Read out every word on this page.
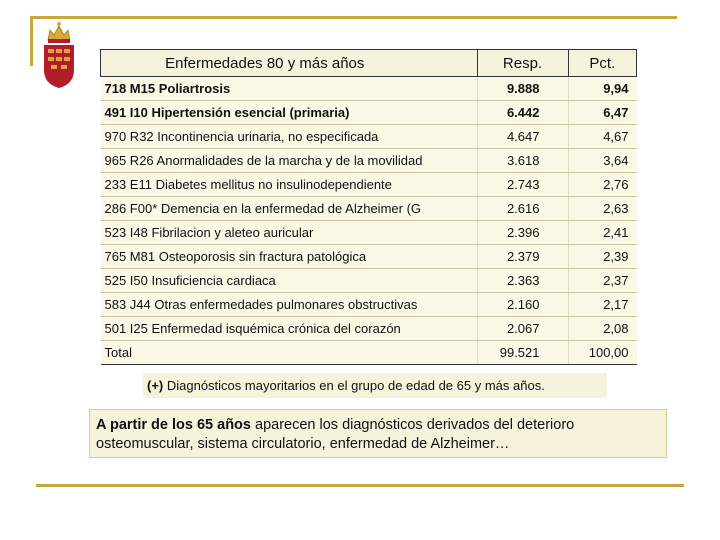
Enfermedades 80 y más años	Resp.	Pct.
718 M15 Poliartrosis	9.888	9,94
491 I10 Hipertensión esencial (primaria)	6.442	6,47
970 R32 Incontinencia urinaria, no especificada	4.647	4,67
965 R26 Anormalidades de la marcha y de la movilidad	3.618	3,64
233 E11 Diabetes mellitus no insulinodependiente	2.743	2,76
286 F00* Demencia en la enfermedad de Alzheimer (G	2.616	2,63
523 I48 Fibrilacion y aleteo auricular	2.396	2,41
765 M81 Osteoporosis sin fractura patológica	2.379	2,39
525 I50 Insuficiencia cardiaca	2.363	2,37
583 J44 Otras enfermedades pulmonares obstructivas	2.160	2,17
501 I25 Enfermedad isquémica crónica del corazón	2.067	2,08
Total	99.521	100,00
(+) Diagnósticos mayoritarios en el grupo de edad de 65 y más años.
A partir de los 65 años aparecen los diagnósticos derivados del deterioro osteomuscular, sistema circulatorio, enfermedad de Alzheimer…
